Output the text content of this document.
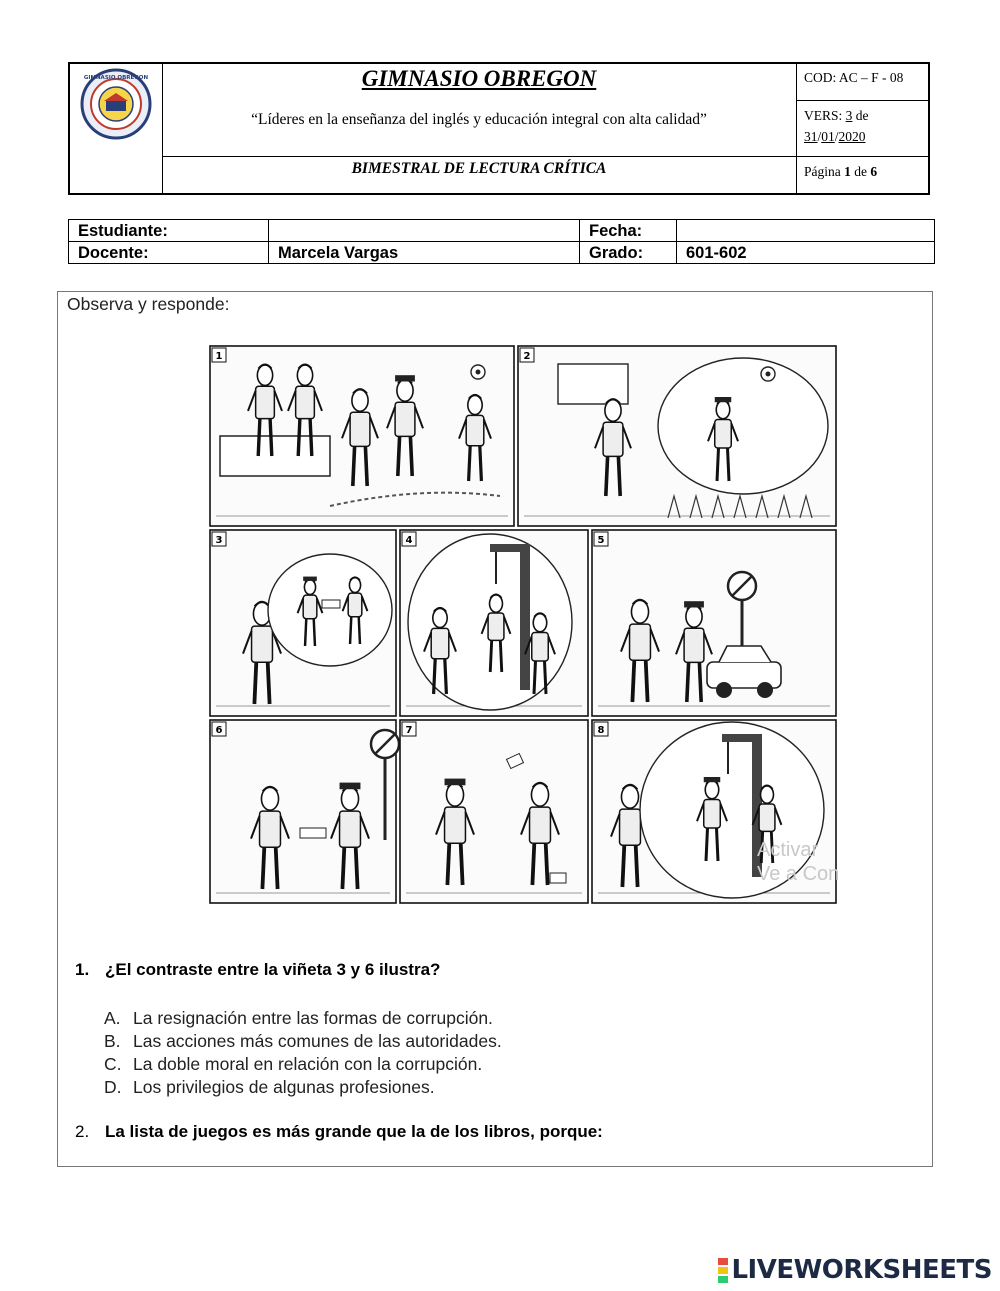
GIMNASIO OBREGON	GIMNASIO OBREGON
“Líderes en la enseñanza del inglés y educación integral con alta calidad”
BIMESTRAL DE LECTURA CRÍTICA
COD: AC – F - 08
VERS: 3 de
31/01/2020
Página 1 de 6
Estudiante:		Fecha:	
Docente:	Marcela Vargas	Grado:	601-602
Observa y responde:
1	2
3	4	5
6	7	8
1. ¿El contraste entre la viñeta 3 y 6 ilustra?
A. La resignación entre las formas de corrupción.
B. Las acciones más comunes de las autoridades.
C. La doble moral en relación con la corrupción.
D. Los privilegios de algunas profesiones.
2. La lista de juegos es más grande que la de los libros, porque:
Activar
Ve a Con
LIVEWORKSHEETS
